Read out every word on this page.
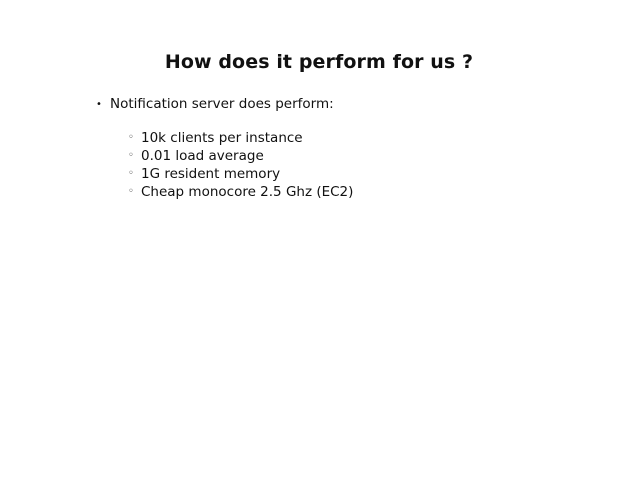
How does it perform for us ?
• Notification server does perform:
◦ 10k clients per instance
◦ 0.01 load average
◦ 1G resident memory
◦ Cheap monocore 2.5 Ghz (EC2)
